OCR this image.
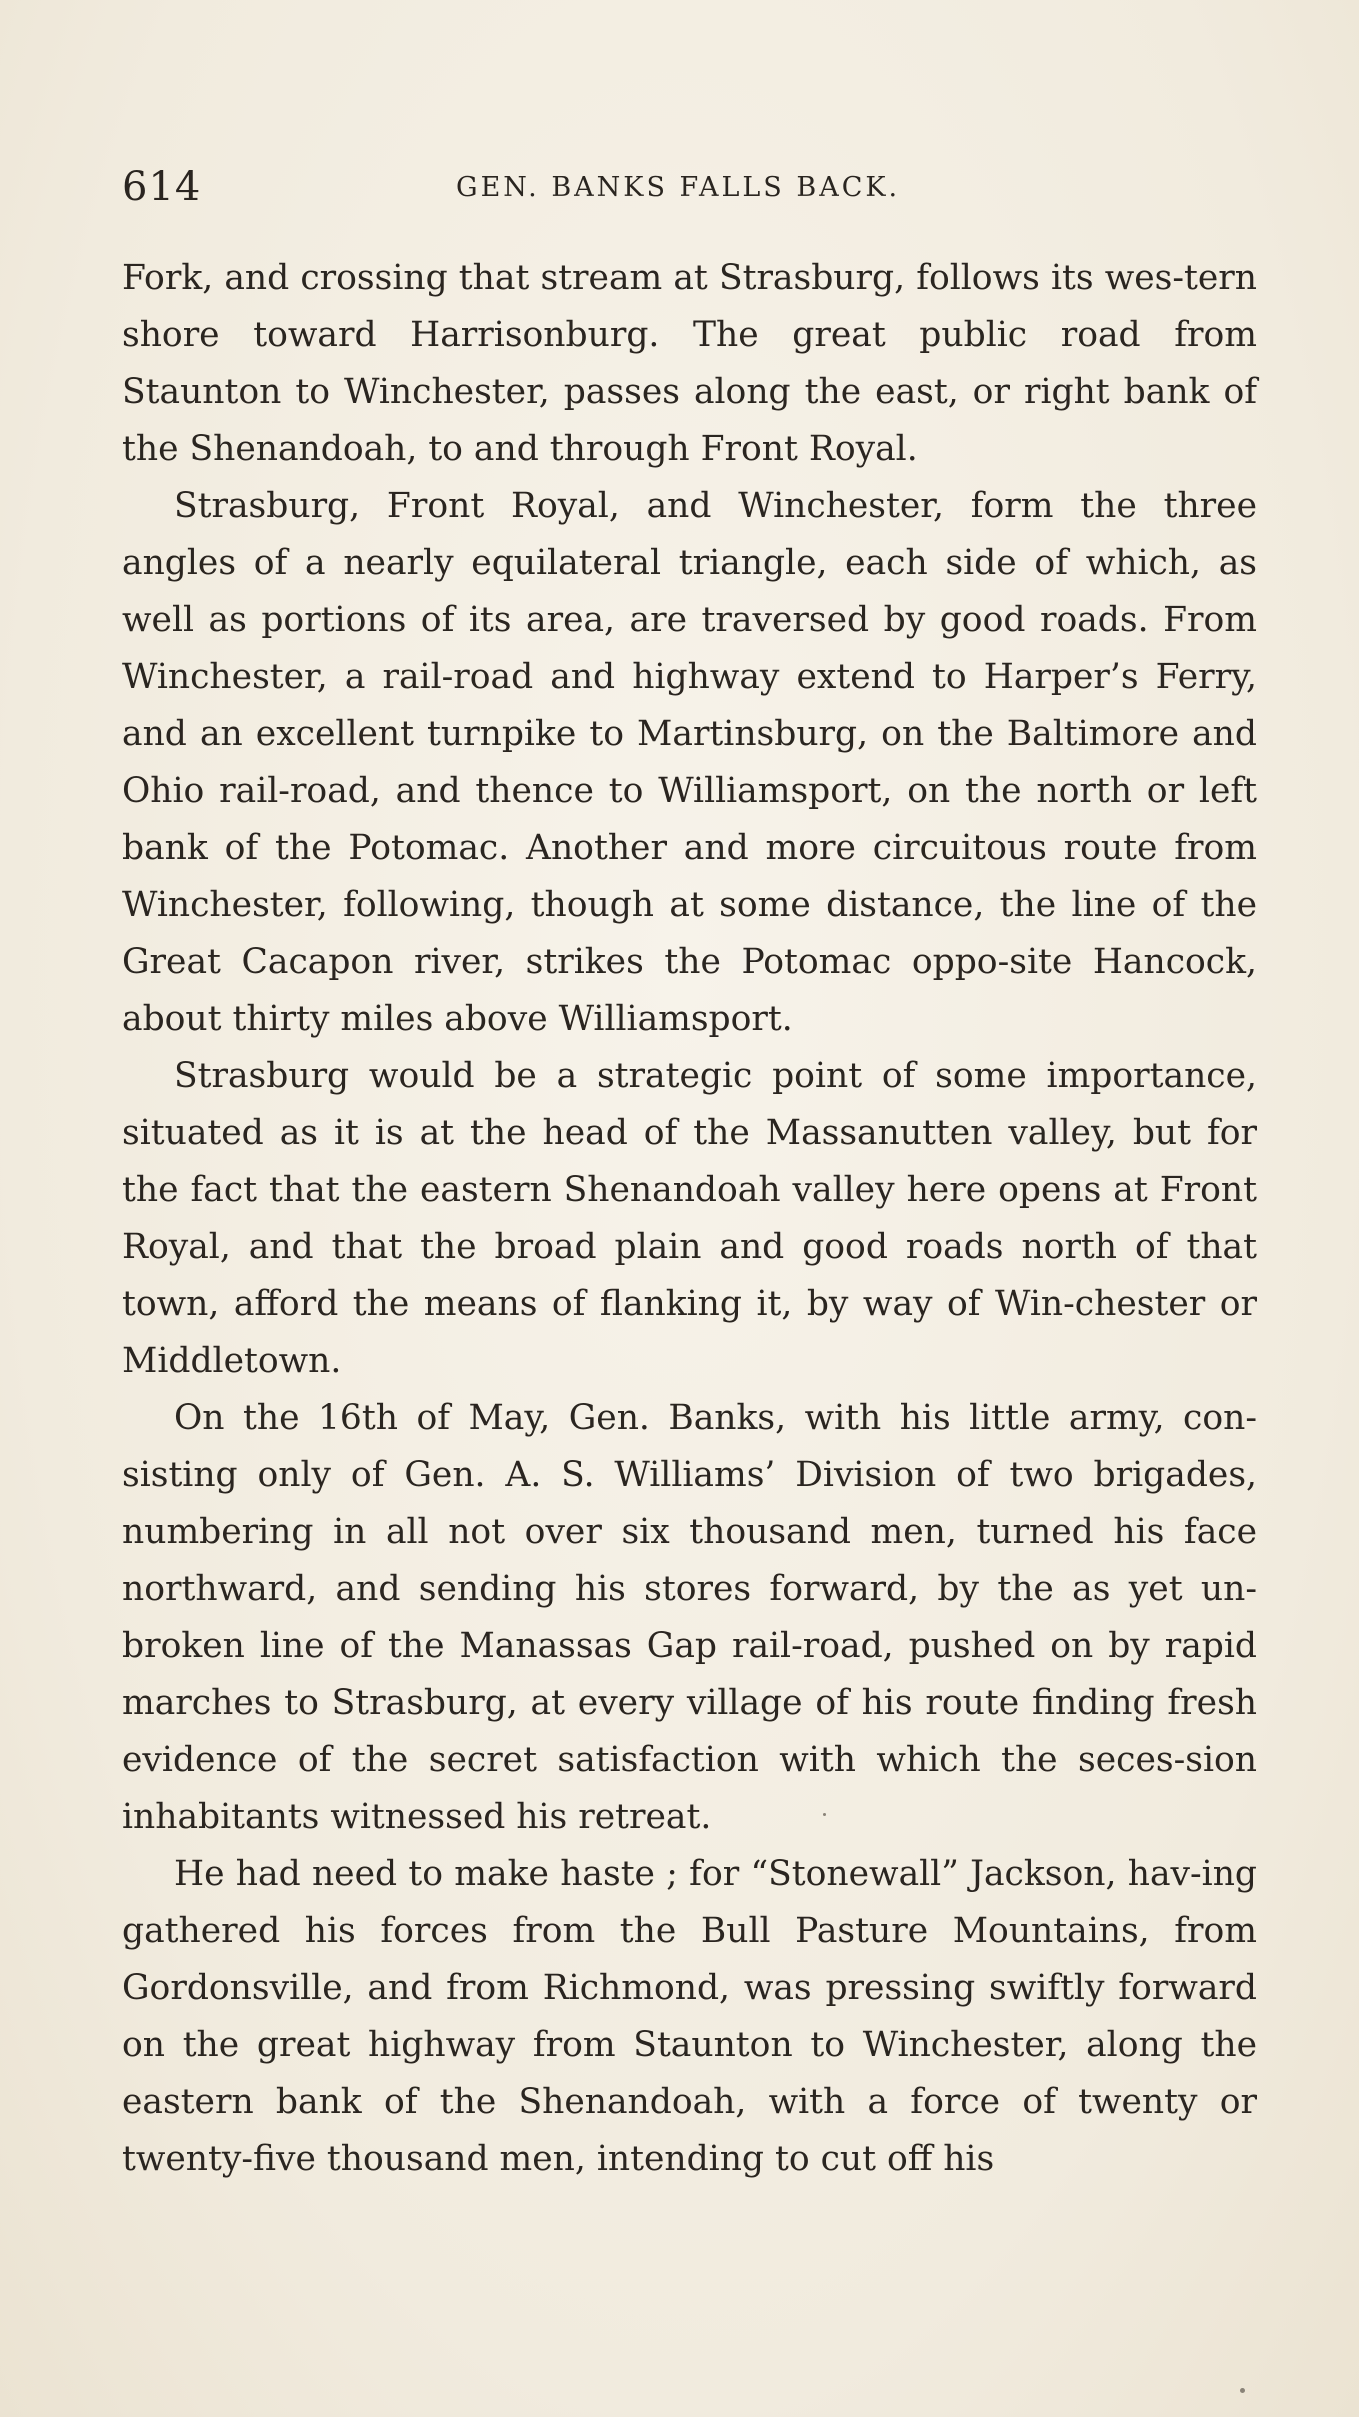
614	GEN. BANKS FALLS BACK.

Fork, and crossing that stream at Strasburg, follows its wes-tern shore toward Harrisonburg. The great public road from Staunton to Winchester, passes along the east, or right bank of the Shenandoah, to and through Front Royal.

Strasburg, Front Royal, and Winchester, form the three angles of a nearly equilateral triangle, each side of which, as well as portions of its area, are traversed by good roads. From Winchester, a rail-road and highway extend to Harper’s Ferry, and an excellent turnpike to Martinsburg, on the Baltimore and Ohio rail-road, and thence to Williamsport, on the north or left bank of the Potomac. Another and more circuitous route from Winchester, following, though at some distance, the line of the Great Cacapon river, strikes the Potomac oppo-site Hancock, about thirty miles above Williamsport.

Strasburg would be a strategic point of some importance, situated as it is at the head of the Massanutten valley, but for the fact that the eastern Shenandoah valley here opens at Front Royal, and that the broad plain and good roads north of that town, afford the means of flanking it, by way of Win-chester or Middletown.

On the 16th of May, Gen. Banks, with his little army, con-sisting only of Gen. A. S. Williams’ Division of two brigades, numbering in all not over six thousand men, turned his face northward, and sending his stores forward, by the as yet un-broken line of the Manassas Gap rail-road, pushed on by rapid marches to Strasburg, at every village of his route finding fresh evidence of the secret satisfaction with which the seces-sion inhabitants witnessed his retreat.

He had need to make haste ; for “Stonewall” Jackson, hav-ing gathered his forces from the Bull Pasture Mountains, from Gordonsville, and from Richmond, was pressing swiftly forward on the great highway from Staunton to Winchester, along the eastern bank of the Shenandoah, with a force of twenty or twenty-five thousand men, intending to cut off his
